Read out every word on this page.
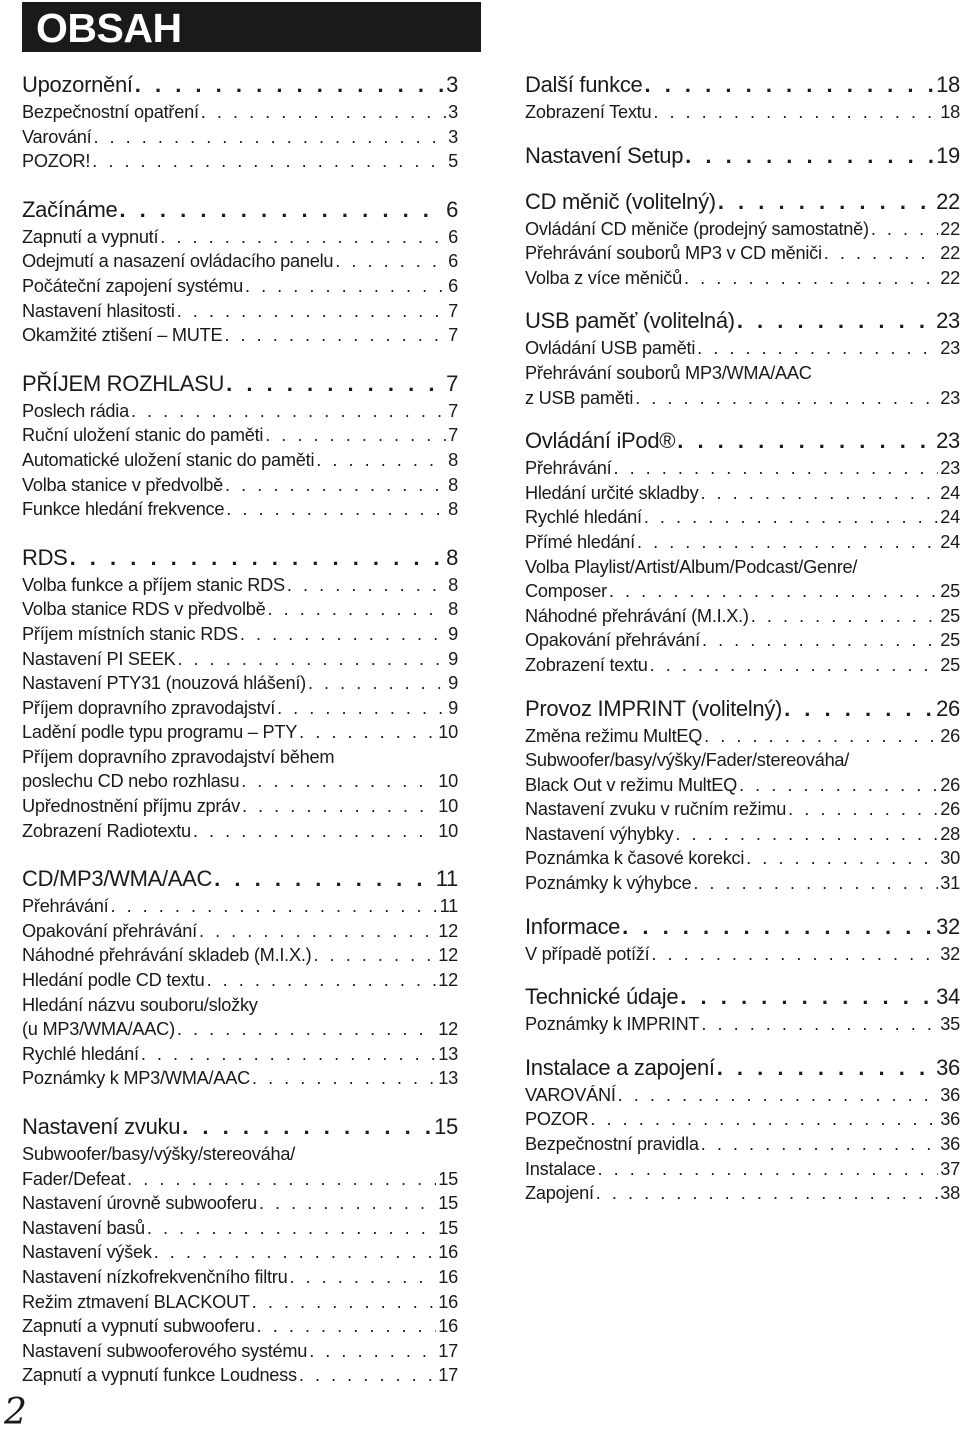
OBSAH
Upozornění . . .	3
Bezpečnostní opatření . . .	3
Varování . . .	3
POZOR! . . .	5
Začínáme . . .	6
Zapnutí a vypnutí . . .	6
Odejmutí a nasazení ovládacího panelu . . .	6
Počáteční zapojení systému . . .	6
Nastavení hlasitosti . . .	7
Okamžité ztišení – MUTE . . .	7
PŘÍJEM ROZHLASU . . .	7
Poslech rádia . . .	7
Ruční uložení stanic do paměti . . .	7
Automatické uložení stanic do paměti . . .	8
Volba stanice v předvolbě . . .	8
Funkce hledání frekvence . . .	8
RDS . . .	8
Volba funkce a příjem stanic RDS . . .	8
Volba stanice RDS v předvolbě . . .	8
Příjem místních stanic RDS . . .	9
Nastavení PI SEEK . . .	9
Nastavení PTY31 (nouzová hlášení) . . .	9
Příjem dopravního zpravodajství . . .	9
Ladění podle typu programu – PTY . . .	10
Příjem dopravního zpravodajství během
poslechu CD nebo rozhlasu . . .	10
Upřednostnění příjmu zpráv . . .	10
Zobrazení Radiotextu . . .	10
CD/MP3/WMA/AAC . . .	11
Přehrávání . . .	11
Opakování přehrávání . . .	12
Náhodné přehrávání skladeb (M.I.X.) . . .	12
Hledání podle CD textu . . .	12
Hledání názvu souboru/složky
(u MP3/WMA/AAC) . . .	12
Rychlé hledání . . .	13
Poznámky k MP3/WMA/AAC . . .	13
Nastavení zvuku . . .	15
Subwoofer/basy/výšky/stereováha/
Fader/Defeat . . .	15
Nastavení úrovně subwooferu . . .	15
Nastavení basů . . .	15
Nastavení výšek . . .	16
Nastavení nízkofrekvenčního filtru . . .	16
Režim ztmavení BLACKOUT . . .	16
Zapnutí a vypnutí subwooferu . . .	16
Nastavení subwooferového systému . . .	17
Zapnutí a vypnutí funkce Loudness . . .	17
Další funkce . . .	18
Zobrazení Textu . . .	18
Nastavení Setup . . .	19
CD měnič (volitelný) . . .	22
Ovládání CD měniče (prodejný samostatně) . . .	22
Přehrávání souborů MP3 v CD měniči . . .	22
Volba z více měničů . . .	22
USB paměť (volitelná) . . .	23
Ovládání USB paměti . . .	23
Přehrávání souborů MP3/WMA/AAC
z USB paměti . . .	23
Ovládání iPod® . . .	23
Přehrávání . . .	23
Hledání určité skladby . . .	24
Rychlé hledání . . .	24
Přímé hledání . . .	24
Volba Playlist/Artist/Album/Podcast/Genre/
Composer . . .	25
Náhodné přehrávání (M.I.X.) . . .	25
Opakování přehrávání . . .	25
Zobrazení textu . . .	25
Provoz IMPRINT (volitelný) . . .	26
Změna režimu MultEQ . . .	26
Subwoofer/basy/výšky/Fader/stereováha/
Black Out v režimu MultEQ . . .	26
Nastavení zvuku v ručním režimu . . .	26
Nastavení výhybky . . .	28
Poznámka k časové korekci . . .	30
Poznámky k výhybce . . .	31
Informace . . .	32
V případě potíží . . .	32
Technické údaje . . .	34
Poznámky k IMPRINT . . .	35
Instalace a zapojení . . .	36
VAROVÁNÍ . . .	36
POZOR . . .	36
Bezpečnostní pravidla . . .	36
Instalace . . .	37
Zapojení . . .	38
2
